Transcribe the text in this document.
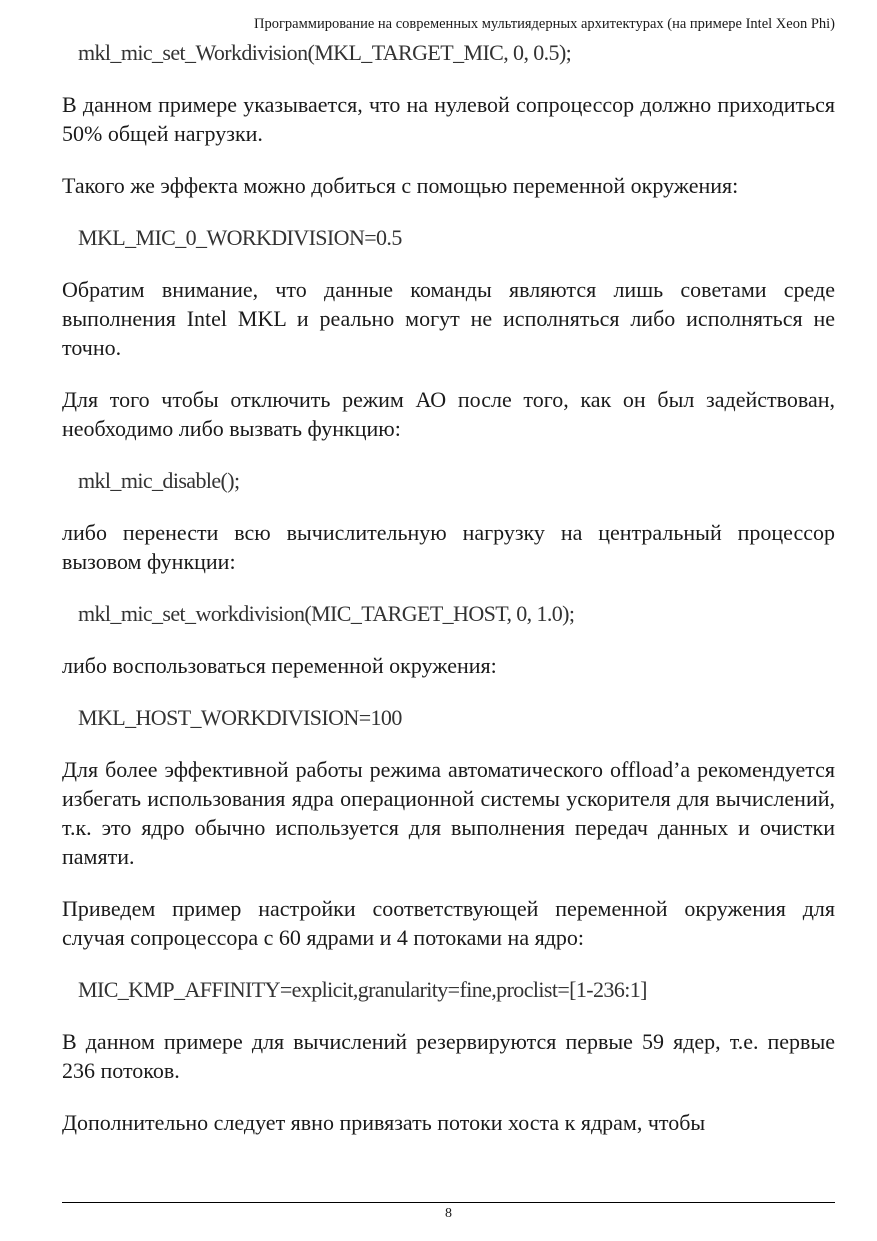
Программирование на современных мультиядерных архитектурах (на примере Intel Xeon Phi)
mkl_mic_set_Workdivision(MKL_TARGET_MIC, 0, 0.5);

В данном примере указывается, что на нулевой сопроцессор должно приходиться 50% общей нагрузки.

Такого же эффекта можно добиться с помощью переменной окружения:

MKL_MIC_0_WORKDIVISION=0.5

Обратим внимание, что данные команды являются лишь советами среде выполнения Intel MKL и реально могут не исполняться либо исполняться не точно.

Для того чтобы отключить режим АО после того, как он был задействован, необходимо либо вызвать функцию:

mkl_mic_disable();

либо перенести всю вычислительную нагрузку на центральный процессор вызовом функции:

mkl_mic_set_workdivision(MIC_TARGET_HOST, 0, 1.0);

либо воспользоваться переменной окружения:

MKL_HOST_WORKDIVISION=100

Для более эффективной работы режима автоматического offload’а рекомендуется избегать использования ядра операционной системы ускорителя для вычислений, т.к. это ядро обычно используется для выполнения передач данных и очистки памяти.

Приведем пример настройки соответствующей переменной окружения для случая сопроцессора с 60 ядрами и 4 потоками на ядро:

MIC_KMP_AFFINITY=explicit,granularity=fine,proclist=[1-236:1]

В данном примере для вычислений резервируются первые 59 ядер, т.е. первые 236 потоков.

Дополнительно следует явно привязать потоки хоста к ядрам, чтобы

8
